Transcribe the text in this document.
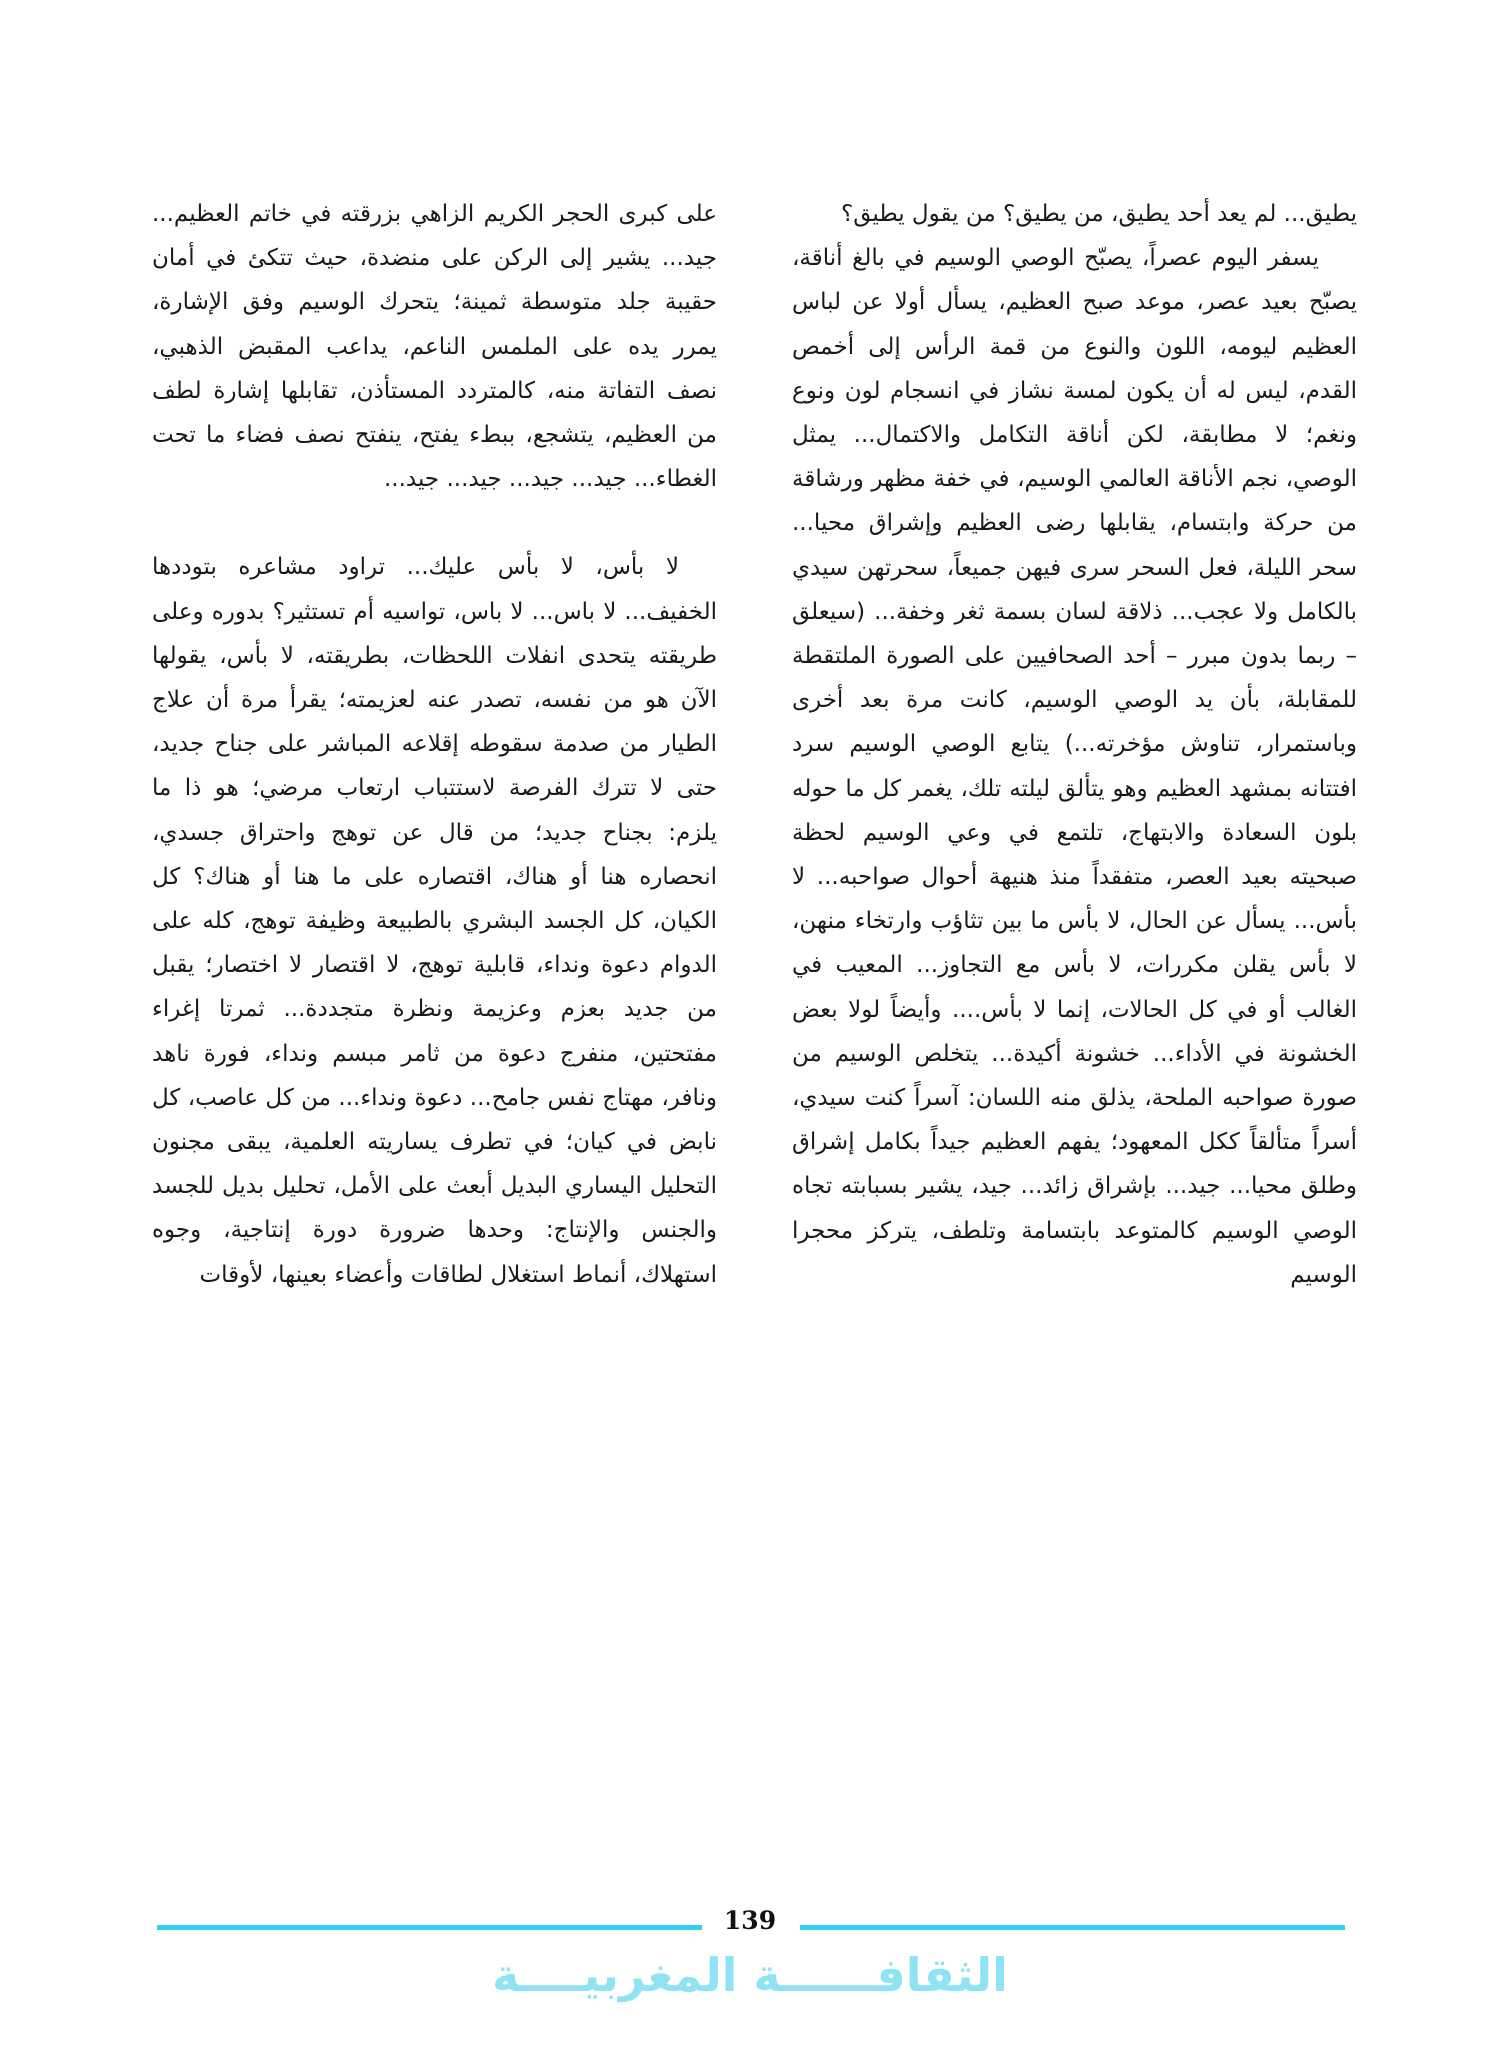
يطيق... لم يعد أحد يطيق، من يطيق؟ من يقول يطيق؟

يسفر اليوم عصراً، يصبّح الوصي الوسيم في بالغ أناقة، يصبّح بعيد عصر، موعد صبح العظيم، يسأل أولا عن لباس العظيم ليومه، اللون والنوع من قمة الرأس إلى أخمص القدم، ليس له أن يكون لمسة نشاز في انسجام لون ونوع ونغم؛ لا مطابقة، لكن أناقة التكامل والاكتمال... يمثل الوصي، نجم الأناقة العالمي الوسيم، في خفة مظهر ورشاقة من حركة وابتسام، يقابلها رضى العظيم وإشراق محيا... سحر الليلة، فعل السحر سرى فيهن جميعاً، سحرتهن سيدي بالكامل ولا عجب... ذلاقة لسان بسمة ثغر وخفة... (سيعلق – ربما بدون مبرر – أحد الصحافيين على الصورة الملتقطة للمقابلة، بأن يد الوصي الوسيم، كانت مرة بعد أخرى وباستمرار، تناوش مؤخرته...) يتابع الوصي الوسيم سرد افتتانه بمشهد العظيم وهو يتألق ليلته تلك، يغمر كل ما حوله بلون السعادة والابتهاج، تلتمع في وعي الوسيم لحظة صبحيته بعيد العصر، متفقداً منذ هنيهة أحوال صواحبه... لا بأس... يسأل عن الحال، لا بأس ما بين تثاؤب وارتخاء منهن، لا بأس يقلن مكررات، لا بأس مع التجاوز... المعيب في الغالب أو في كل الحالات، إنما لا بأس.... وأيضاً لولا بعض الخشونة في الأداء... خشونة أكيدة... يتخلص الوسيم من صورة صواحبه الملحة، يذلق منه اللسان: آسراً كنت سيدي، أسراً متألقاً ككل المعهود؛ يفهم العظيم جيداً بكامل إشراق وطلق محيا... جيد... بإشراق زائد... جيد، يشير بسبابته تجاه الوصي الوسيم كالمتوعد بابتسامة وتلطف، يتركز محجرا الوسيم

على كبرى الحجر الكريم الزاهي بزرقته في خاتم العظيم... جيد... يشير إلى الركن على منضدة، حيث تتكئ في أمان حقيبة جلد متوسطة ثمينة؛ يتحرك الوسيم وفق الإشارة، يمرر يده على الملمس الناعم، يداعب المقبض الذهبي، نصف التفاتة منه، كالمتردد المستأذن، تقابلها إشارة لطف من العظيم، يتشجع، ببطء يفتح، ينفتح نصف فضاء ما تحت الغطاء... جيد... جيد... جيد... جيد...

لا بأس، لا بأس عليك... تراود مشاعره بتوددها الخفيف... لا باس... لا باس، تواسيه أم تستثير؟ بدوره وعلى طريقته يتحدى انفلات اللحظات، بطريقته، لا بأس، يقولها الآن هو من نفسه، تصدر عنه لعزيمته؛ يقرأ مرة أن علاج الطيار من صدمة سقوطه إقلاعه المباشر على جناح جديد، حتى لا تترك الفرصة لاستتباب ارتعاب مرضي؛ هو ذا ما يلزم: بجناح جديد؛ من قال عن توهج واحتراق جسدي، انحصاره هنا أو هناك، اقتصاره على ما هنا أو هناك؟ كل الكيان، كل الجسد البشري بالطبيعة وظيفة توهج، كله على الدوام دعوة ونداء، قابلية توهج، لا اقتصار لا اختصار؛ يقبل من جديد بعزم وعزيمة ونظرة متجددة... ثمرتا إغراء مفتحتين، منفرج دعوة من ثامر مبسم ونداء، فورة ناهد ونافر، مهتاج نفس جامح... دعوة ونداء... من كل عاصب، كل نابض في كيان؛ في تطرف يساريته العلمية، يبقى مجنون التحليل اليساري البديل أبعث على الأمل، تحليل بديل للجسد والجنس والإنتاج: وحدها ضرورة دورة إنتاجية، وجوه استهلاك، أنماط استغلال لطاقات وأعضاء بعينها، لأوقات

139
الثقافــــــة المغربيــــة
